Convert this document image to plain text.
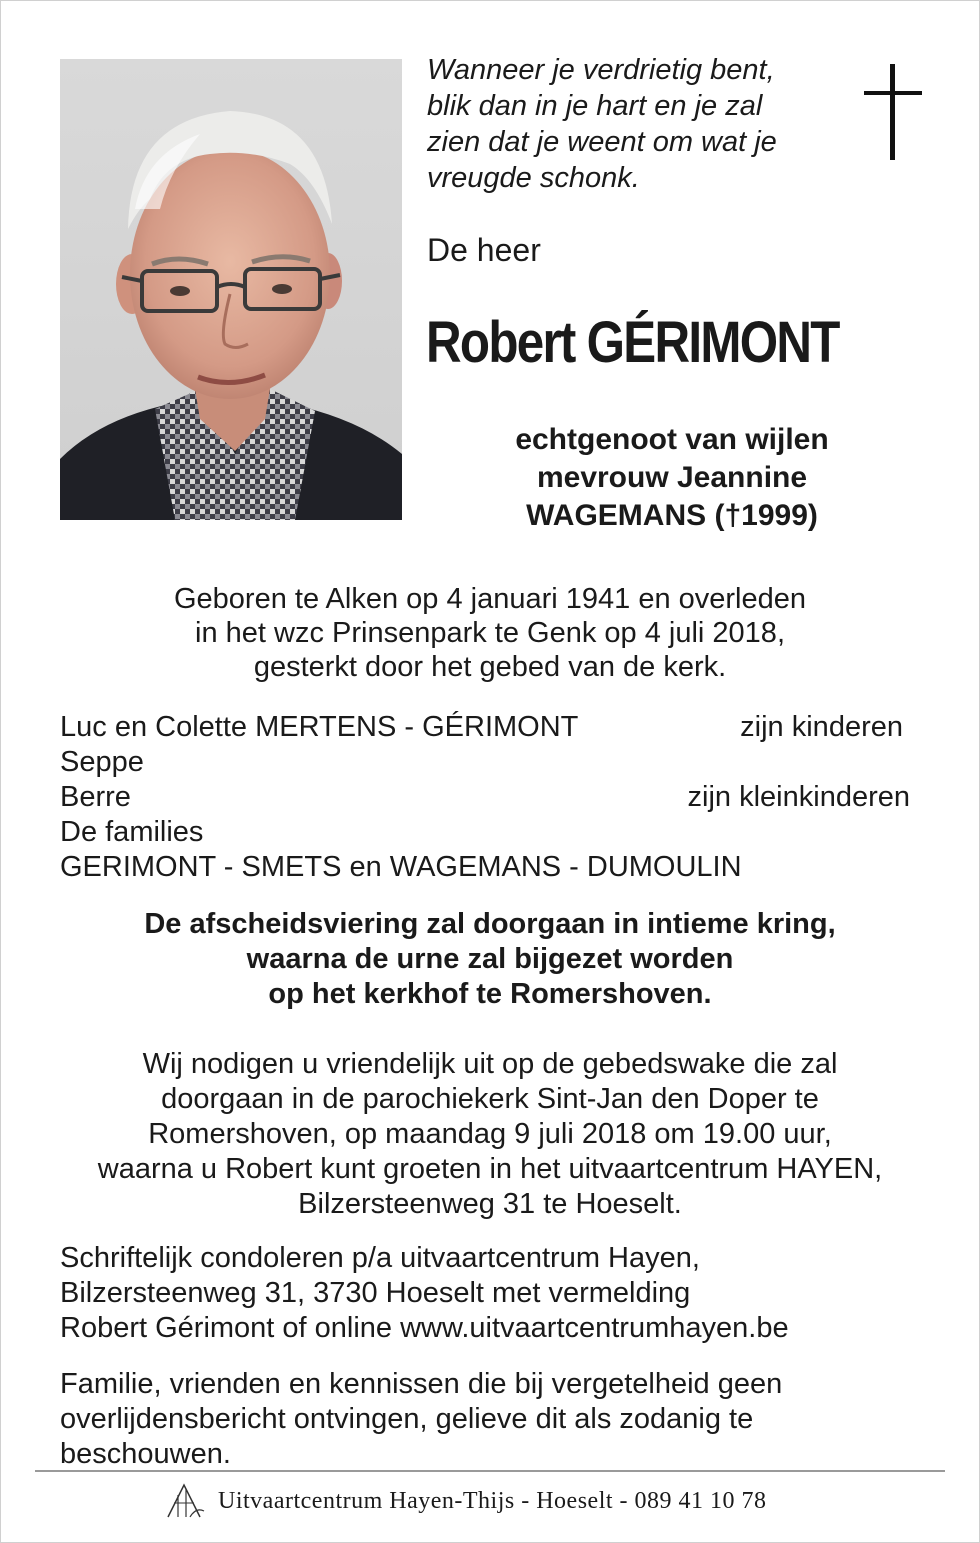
Wanneer je verdrietig bent,
blik dan in je hart en je zal
zien dat je weent om wat je
vreugde schonk.
De heer
Robert GÉRIMONT
echtgenoot van wijlen
mevrouw Jeannine
WAGEMANS (†1999)
Geboren te Alken op 4 januari 1941 en overleden
in het wzc Prinsenpark te Genk op 4 juli 2018,
gesterkt door het gebed van de kerk.
Luc en Colette MERTENS - GÉRIMONT	zijn kinderen
Seppe
Berre	zijn kleinkinderen
De families
GERIMONT - SMETS en WAGEMANS - DUMOULIN
De afscheidsviering zal doorgaan in intieme kring,
waarna de urne zal bijgezet worden
op het kerkhof te Romershoven.
Wij nodigen u vriendelijk uit op de gebedswake die zal
doorgaan in de parochiekerk Sint-Jan den Doper te
Romershoven, op maandag 9 juli 2018 om 19.00 uur,
waarna u Robert kunt groeten in het uitvaartcentrum HAYEN,
Bilzersteenweg 31 te Hoeselt.
Schriftelijk condoleren p/a uitvaartcentrum Hayen,
Bilzersteenweg 31, 3730 Hoeselt met vermelding
Robert Gérimont of online www.uitvaartcentrumhayen.be
Familie, vrienden en kennissen die bij vergetelheid geen
overlijdensbericht ontvingen, gelieve dit als zodanig te
beschouwen.
Uitvaartcentrum Hayen-Thijs - Hoeselt - 089 41 10 78
